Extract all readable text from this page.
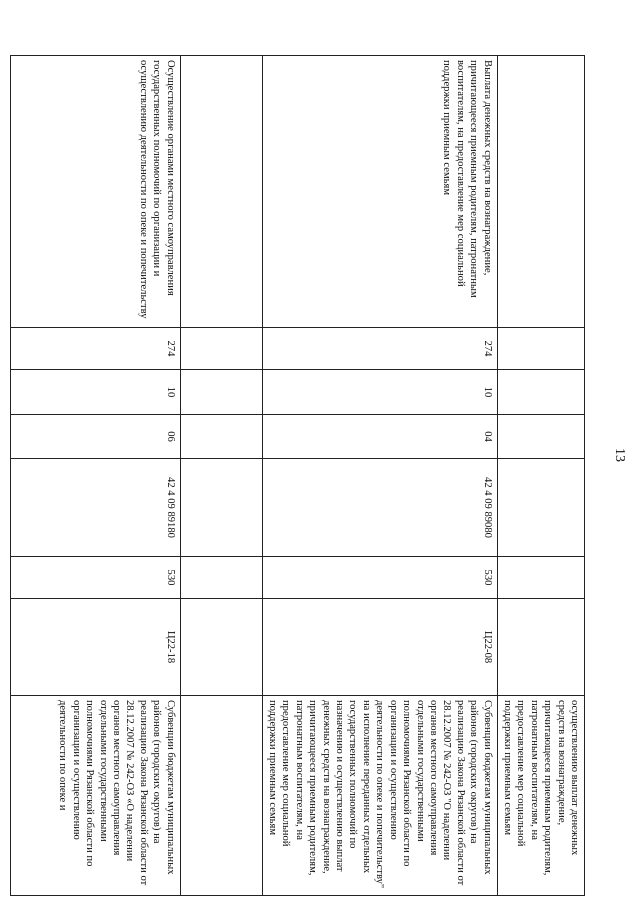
13
							осуществлению выплат денежных средств на вознаграждение, причитающееся приемным родителям, патронатным воспитателям, на предоставление мер социальной поддержки приемным семьям
Выплата денежных средств на вознаграждение, причитающееся приемным родителям, патронатным воспитателям, на предоставление мер социальной поддержки приемным семьям	274	10	04	42 4 09 89080	530	Ц22-08	Субвенции бюджетам муниципальных районов (городских округов) на реализацию Закона Рязанской области от 28.12.2007 № 242-ОЗ "О наделении органов местного самоуправления отдельными государственными полномочиями Рязанской области по организации и осуществлению деятельности по опеке и попечительству" на исполнение переданных отдельных государственных полномочий по назначению и осуществлению выплат денежных средств на вознаграждение, причитающееся приемным родителям, патронатным воспитателям, на предоставление мер социальной поддержки приемным семьям

Осуществление органами местного самоуправления государственных полномочий по организации и осуществлению деятельности по опеке и попечительству	274	10	06	42 4 09 89180	530	Ц22-18	Субвенции бюджетам муниципальных районов (городских округов) на реализацию Закона Рязанской области от 28.12.2007 № 242-ОЗ «О наделении органов местного самоуправления отдельными государственными полномочиями Рязанской области по организации и осуществлению деятельности по опеке и
